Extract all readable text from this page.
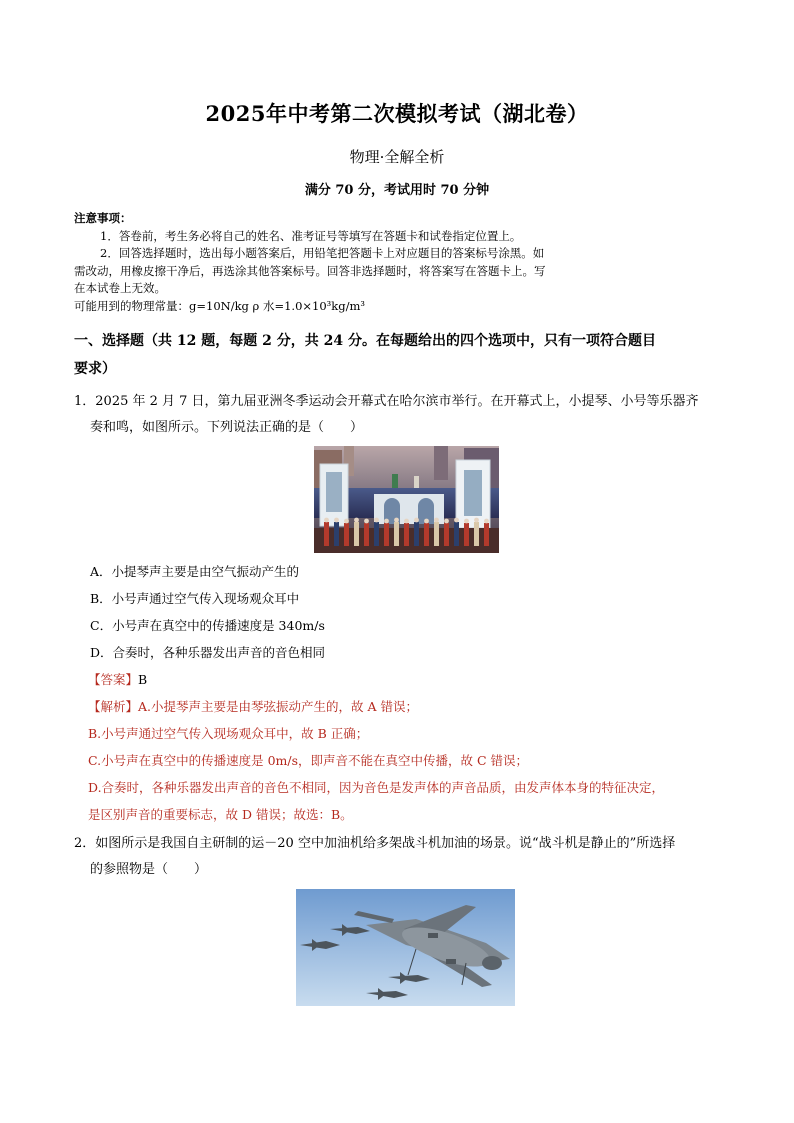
2025年中考第二次模拟考试（湖北卷）
物理·全解全析
满分 70 分，考试用时 70 分钟
注意事项：
1．答卷前，考生务必将自己的姓名、准考证号等填写在答题卡和试卷指定位置上。
2．回答选择题时，选出每小题答案后，用铅笔把答题卡上对应题目的答案标号涂黑。如
需改动，用橡皮擦干净后，再选涂其他答案标号。回答非选择题时，将答案写在答题卡上。写
在本试卷上无效。
可能用到的物理常量：g=10N/kg ρ 水=1.0×10³kg/m³
一、选择题（共 12 题，每题 2 分，共 24 分。在每题给出的四个选项中，只有一项符合题目
要求）
1．2025 年 2 月 7 日，第九届亚洲冬季运动会开幕式在哈尔滨市举行。在开幕式上，小提琴、小号等乐器齐
奏和鸣，如图所示。下列说法正确的是（　　）
A．小提琴声主要是由空气振动产生的
B．小号声通过空气传入现场观众耳中
C．小号声在真空中的传播速度是 340m/s
D．合奏时，各种乐器发出声音的音色相同
【答案】B
【解析】A.小提琴声主要是由琴弦振动产生的，故 A 错误；
B.小号声通过空气传入现场观众耳中，故 B 正确；
C.小号声在真空中的传播速度是 0m/s，即声音不能在真空中传播，故 C 错误；
D.合奏时，各种乐器发出声音的音色不相同，因为音色是发声体的声音品质，由发声体本身的特征决定，
是区别声音的重要标志，故 D 错误；故选：B。
2．如图所示是我国自主研制的运－20 空中加油机给多架战斗机加油的场景。说“战斗机是静止的”所选择
的参照物是（　　）
